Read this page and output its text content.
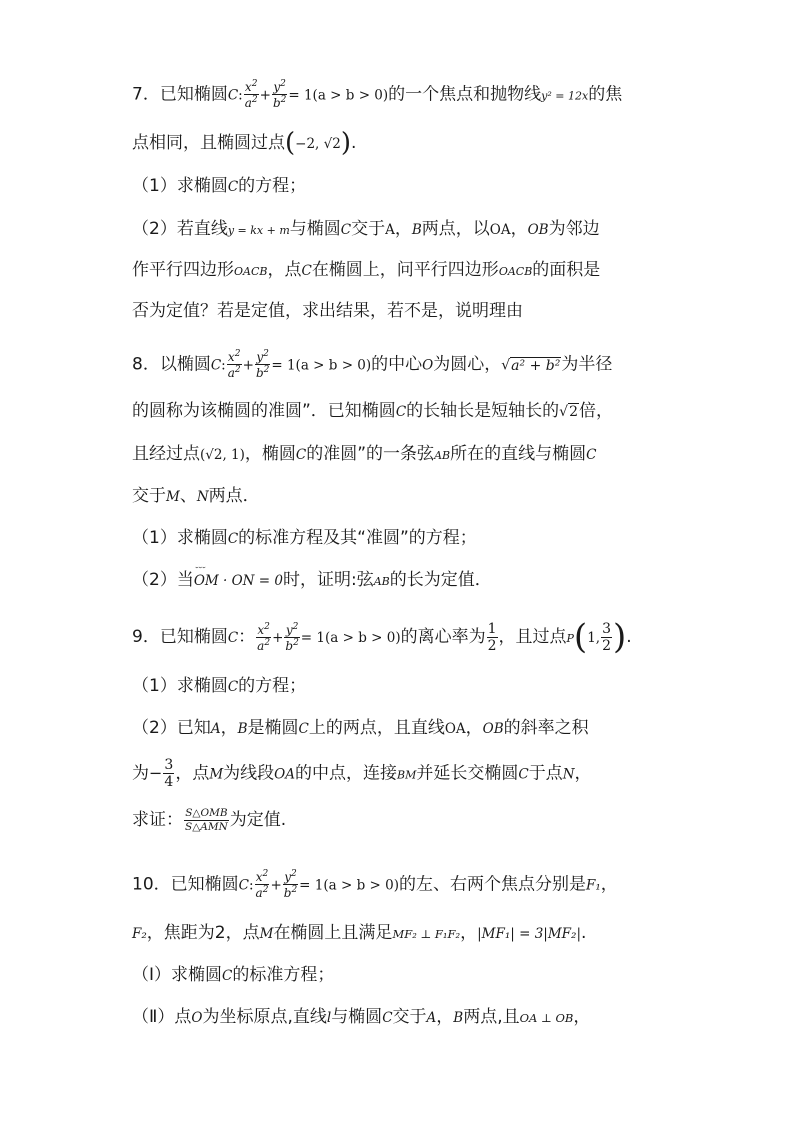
7．已知椭圆C: $\frac{x^2}{a^2} + \frac{y^2}{b^2} = 1(a > b > 0)$的一个焦点和抛物线y² = 12x的焦
点相同，且椭圆过点(−2, √2).
（1）求椭圆C的方程；
（2）若直线y = kx + m与椭圆C交于A，B两点，以OA，OB为邻边
作平行四边形OACB，点C在椭圆上，问平行四边形OACB的面积是
否为定值？若是定值，求出结果，若不是，说明理由
8．以椭圆C: $\frac{x^2}{a^2} + \frac{y^2}{b^2} = 1(a > b > 0)$的中心O为圆心，√a² + b²为半径
的圆称为该椭圆的准圆”．已知椭圆C的长轴长是短轴长的√2倍，
且经过点(√2, 1)，椭圆C的准圆”的一条弦AB所在的直线与椭圆C
交于M、N两点．
（1）求椭圆C的标准方程及其“准圆”的方程；
（2）当˘˘˘ OM · ON = 0时，证明:弦AB的长为定值．
9．已知椭圆C： $\frac{x^2}{a^2} + \frac{y^2}{b^2} = 1(a > b > 0)$的离心率为 $\frac{1}{2}$ ，且过点P(1, $\frac{3}{2}$ ).
（1）求椭圆C的方程；
（2）已知A，B是椭圆C上的两点，且直线OA，OB的斜率之积
为− $\frac{3}{4}$ ，点M为线段OA的中点，连接BM并延长交椭圆C于点N，
求证： $\frac{\text{S△OMB}}{\text{S△AMN}}$ 为定值.
10．已知椭圆C: $\frac{x^2}{a^2} + \frac{y^2}{b^2} = 1(a > b > 0)$的左、右两个焦点分别是F₁，
F₂，焦距为2，点M在椭圆上且满足MF₂ ⊥ F₁F₂，|MF₁| = 3|MF₂|.
（Ⅰ）求椭圆C的标准方程；
（Ⅱ）点O为坐标原点,直线l与椭圆C交于A，B两点,且OA ⊥ OB，
